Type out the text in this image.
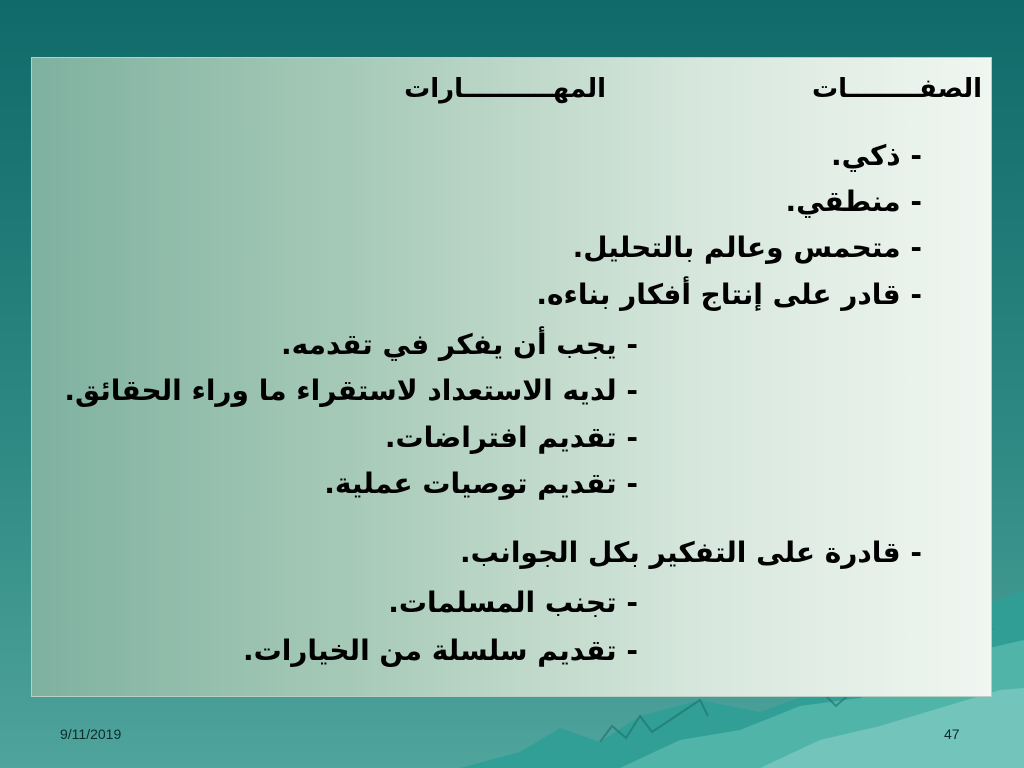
الصفــــــــات
المهــــــــــارات
- ذكي.
- منطقي.
- متحمس وعالم بالتحليل.
- قادر على إنتاج أفكار بناءه.
- يجب أن يفكر في تقدمه.
- لديه الاستعداد لاستقراء ما وراء الحقائق.
- تقديم افتراضات.
- تقديم توصيات عملية.
- قادرة على التفكير بكل الجوانب.
- تجنب المسلمات.
- تقديم سلسلة من الخيارات.
9/11/2019	47
